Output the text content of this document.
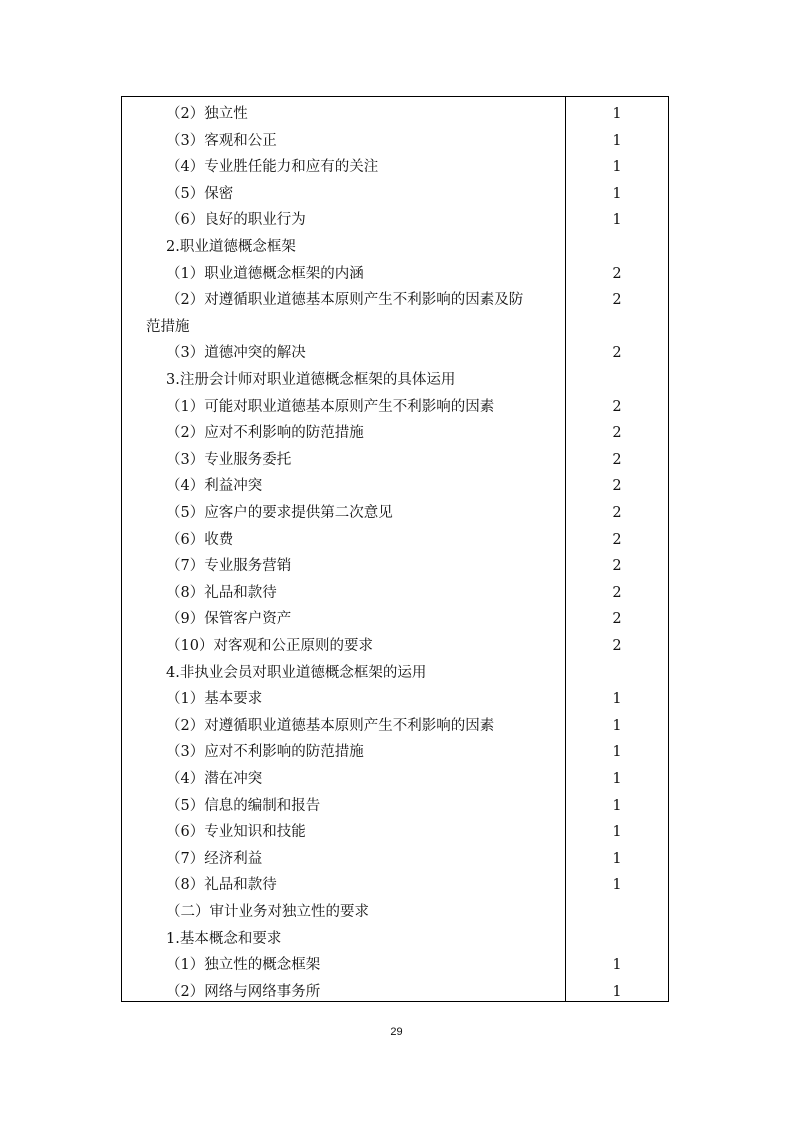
（2）独立性	1
（3）客观和公正	1
（4）专业胜任能力和应有的关注	1
（5）保密	1
（6）良好的职业行为	1
2.职业道德概念框架
（1）职业道德概念框架的内涵	2
（2）对遵循职业道德基本原则产生不利影响的因素及防	2
范措施
（3）道德冲突的解决	2
3.注册会计师对职业道德概念框架的具体运用
（1）可能对职业道德基本原则产生不利影响的因素	2
（2）应对不利影响的防范措施	2
（3）专业服务委托	2
（4）利益冲突	2
（5）应客户的要求提供第二次意见	2
（6）收费	2
（7）专业服务营销	2
（8）礼品和款待	2
（9）保管客户资产	2
（10）对客观和公正原则的要求	2
4.非执业会员对职业道德概念框架的运用
（1）基本要求	1
（2）对遵循职业道德基本原则产生不利影响的因素	1
（3）应对不利影响的防范措施	1
（4）潜在冲突	1
（5）信息的编制和报告	1
（6）专业知识和技能	1
（7）经济利益	1
（8）礼品和款待	1
（二）审计业务对独立性的要求
1.基本概念和要求
（1）独立性的概念框架	1
（2）网络与网络事务所	1
29
